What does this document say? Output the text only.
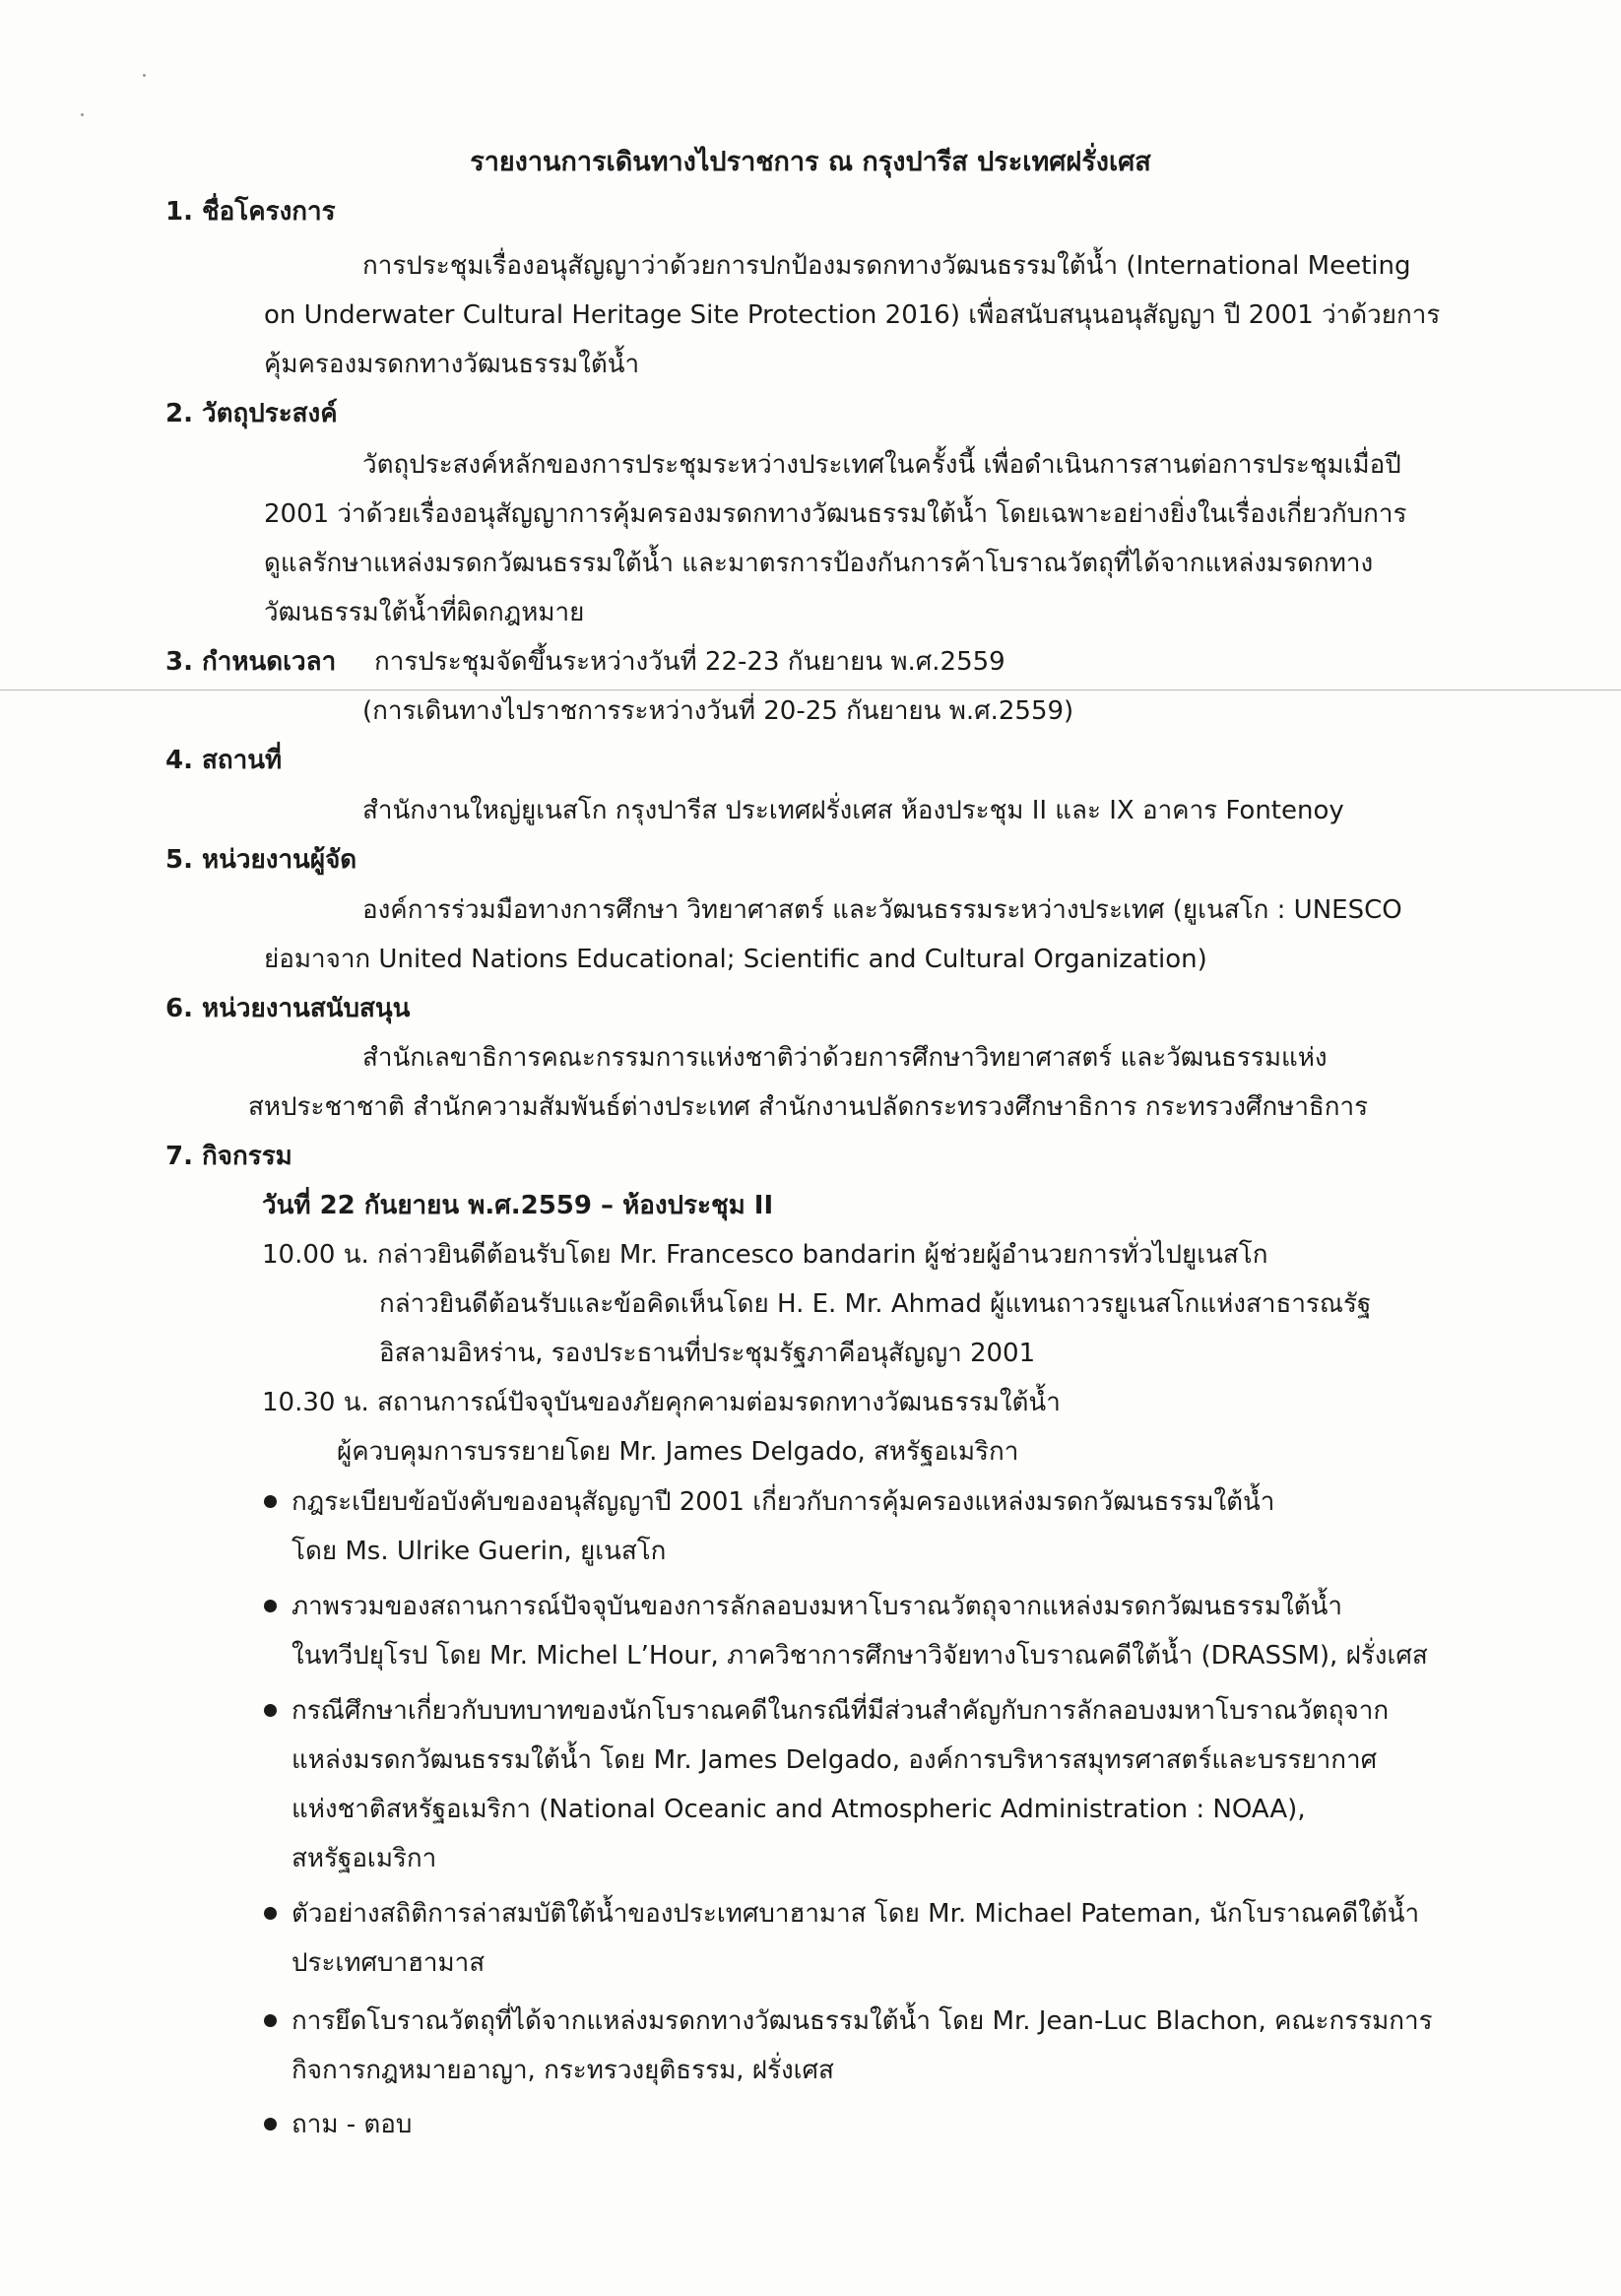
รายงานการเดินทางไปราชการ ณ กรุงปารีส ประเทศฝรั่งเศส
1. ชื่อโครงการ
การประชุมเรื่องอนุสัญญาว่าด้วยการปกป้องมรดกทางวัฒนธรรมใต้น้ำ (International Meeting
on Underwater Cultural Heritage Site Protection 2016) เพื่อสนับสนุนอนุสัญญา ปี 2001 ว่าด้วยการ
คุ้มครองมรดกทางวัฒนธรรมใต้น้ำ
2. วัตถุประสงค์
วัตถุประสงค์หลักของการประชุมระหว่างประเทศในครั้งนี้ เพื่อดำเนินการสานต่อการประชุมเมื่อปี
2001 ว่าด้วยเรื่องอนุสัญญาการคุ้มครองมรดกทางวัฒนธรรมใต้น้ำ โดยเฉพาะอย่างยิ่งในเรื่องเกี่ยวกับการ
ดูแลรักษาแหล่งมรดกวัฒนธรรมใต้น้ำ และมาตรการป้องกันการค้าโบราณวัตถุที่ได้จากแหล่งมรดกทาง
วัฒนธรรมใต้น้ำที่ผิดกฎหมาย
3. กำหนดเวลา การประชุมจัดขึ้นระหว่างวันที่ 22-23 กันยายน พ.ศ.2559
(การเดินทางไปราชการระหว่างวันที่ 20-25 กันยายน พ.ศ.2559)
4. สถานที่
สำนักงานใหญ่ยูเนสโก กรุงปารีส ประเทศฝรั่งเศส ห้องประชุม II และ IX อาคาร Fontenoy
5. หน่วยงานผู้จัด
องค์การร่วมมือทางการศึกษา วิทยาศาสตร์ และวัฒนธรรมระหว่างประเทศ (ยูเนสโก : UNESCO
ย่อมาจาก United Nations Educational; Scientific and Cultural Organization)
6. หน่วยงานสนับสนุน
สำนักเลขาธิการคณะกรรมการแห่งชาติว่าด้วยการศึกษาวิทยาศาสตร์ และวัฒนธรรมแห่ง
สหประชาชาติ สำนักความสัมพันธ์ต่างประเทศ สำนักงานปลัดกระทรวงศึกษาธิการ กระทรวงศึกษาธิการ
7. กิจกรรม
วันที่ 22 กันยายน พ.ศ.2559 – ห้องประชุม II
10.00 น. กล่าวยินดีต้อนรับโดย Mr. Francesco bandarin ผู้ช่วยผู้อำนวยการทั่วไปยูเนสโก
กล่าวยินดีต้อนรับและข้อคิดเห็นโดย H. E. Mr. Ahmad ผู้แทนถาวรยูเนสโกแห่งสาธารณรัฐ
อิสลามอิหร่าน, รองประธานที่ประชุมรัฐภาคีอนุสัญญา 2001
10.30 น. สถานการณ์ปัจจุบันของภัยคุกคามต่อมรดกทางวัฒนธรรมใต้น้ำ
ผู้ควบคุมการบรรยายโดย Mr. James Delgado, สหรัฐอเมริกา
กฎระเบียบข้อบังคับของอนุสัญญาปี 2001 เกี่ยวกับการคุ้มครองแหล่งมรดกวัฒนธรรมใต้น้ำ
โดย Ms. Ulrike Guerin, ยูเนสโก
ภาพรวมของสถานการณ์ปัจจุบันของการลักลอบงมหาโบราณวัตถุจากแหล่งมรดกวัฒนธรรมใต้น้ำ
ในทวีปยุโรป โดย Mr. Michel L’Hour, ภาควิชาการศึกษาวิจัยทางโบราณคดีใต้น้ำ (DRASSM), ฝรั่งเศส
กรณีศึกษาเกี่ยวกับบทบาทของนักโบราณคดีในกรณีที่มีส่วนสำคัญกับการลักลอบงมหาโบราณวัตถุจาก
แหล่งมรดกวัฒนธรรมใต้น้ำ โดย Mr. James Delgado, องค์การบริหารสมุทรศาสตร์และบรรยากาศ
แห่งชาติสหรัฐอเมริกา (National Oceanic and Atmospheric Administration : NOAA),
สหรัฐอเมริกา
ตัวอย่างสถิติการล่าสมบัติใต้น้ำของประเทศบาฮามาส โดย Mr. Michael Pateman, นักโบราณคดีใต้น้ำ
ประเทศบาฮามาส
การยึดโบราณวัตถุที่ได้จากแหล่งมรดกทางวัฒนธรรมใต้น้ำ โดย Mr. Jean-Luc Blachon, คณะกรรมการ
กิจการกฎหมายอาญา, กระทรวงยุติธรรม, ฝรั่งเศส
ถาม - ตอบ
